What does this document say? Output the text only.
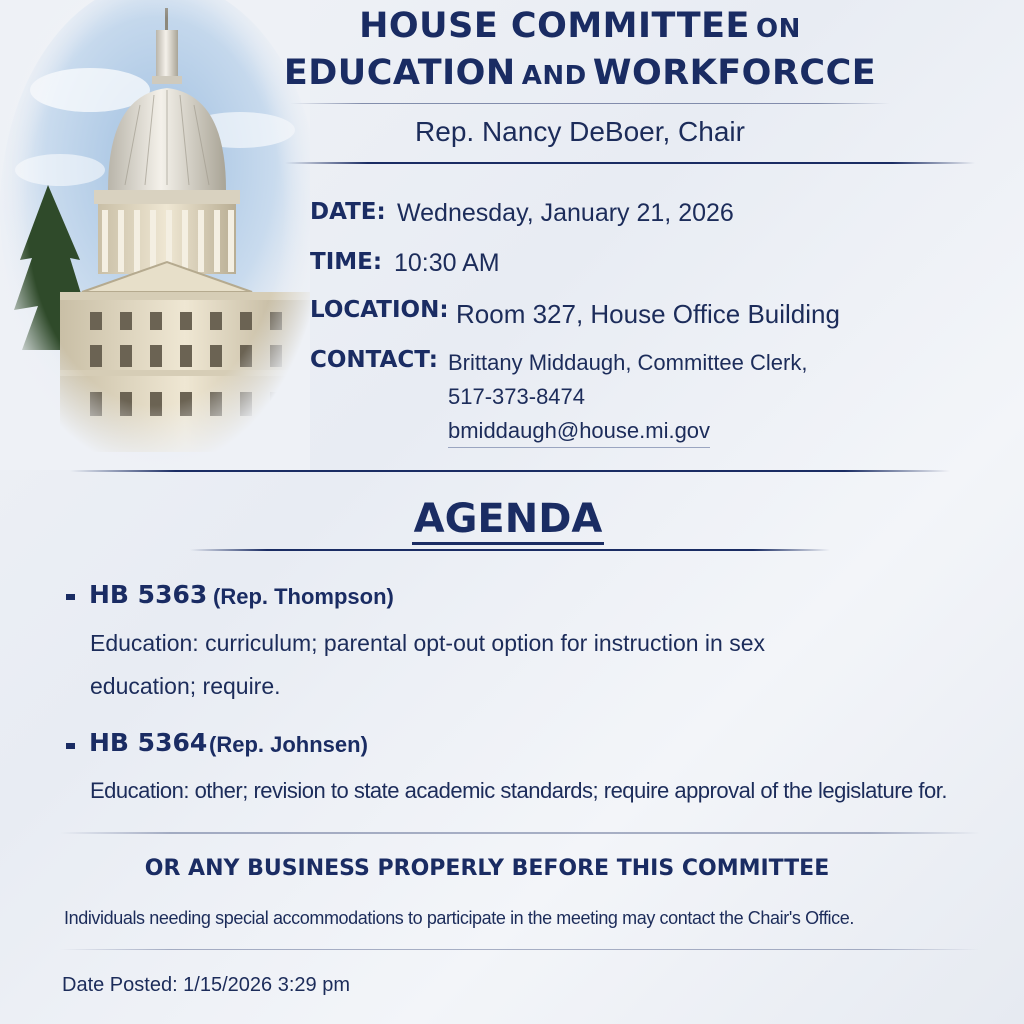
HOUSE COMMITTEE ON
EDUCATION AND WORKFORCCE
Rep. Nancy DeBoer, Chair
DATE: Wednesday, January 21, 2026
TIME: 10:30 AM
LOCATION: Room 327, House Office Building
CONTACT: Brittany Middaugh, Committee Clerk,
517-373-8474
bmiddaugh@house.mi.gov
AGENDA
HB 5363 (Rep. Thompson)
Education: curriculum; parental opt-out option for instruction in sex
education; require.
HB 5364 (Rep. Johnsen)
Education: other; revision to state academic standards; require approval of the legislature for.
OR ANY BUSINESS PROPERLY BEFORE THIS COMMITTEE
Individuals needing special accommodations to participate in the meeting may contact the Chair's Office.
Date Posted: 1/15/2026 3:29 pm
